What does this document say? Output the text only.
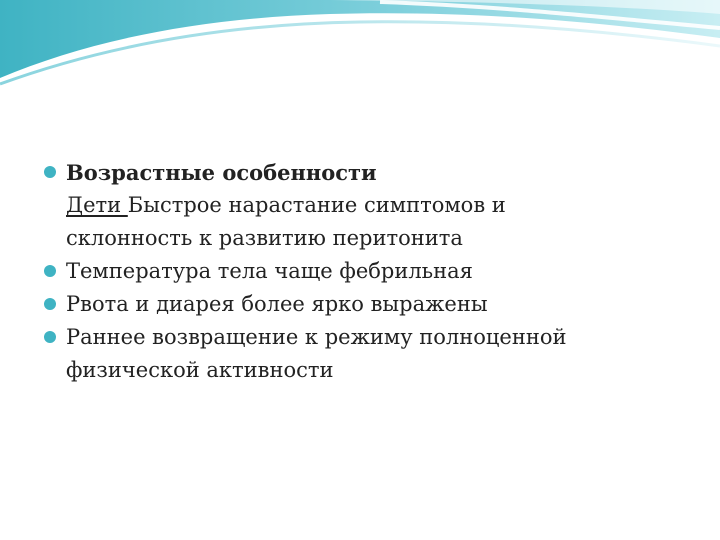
Возрастные особенности
Дети Быстрое нарастание симптомов и
склонность к развитию перитонита
Температура тела чаще фебрильная
Рвота и диарея более ярко выражены
Раннее возвращение к режиму полноценной
физической активности
